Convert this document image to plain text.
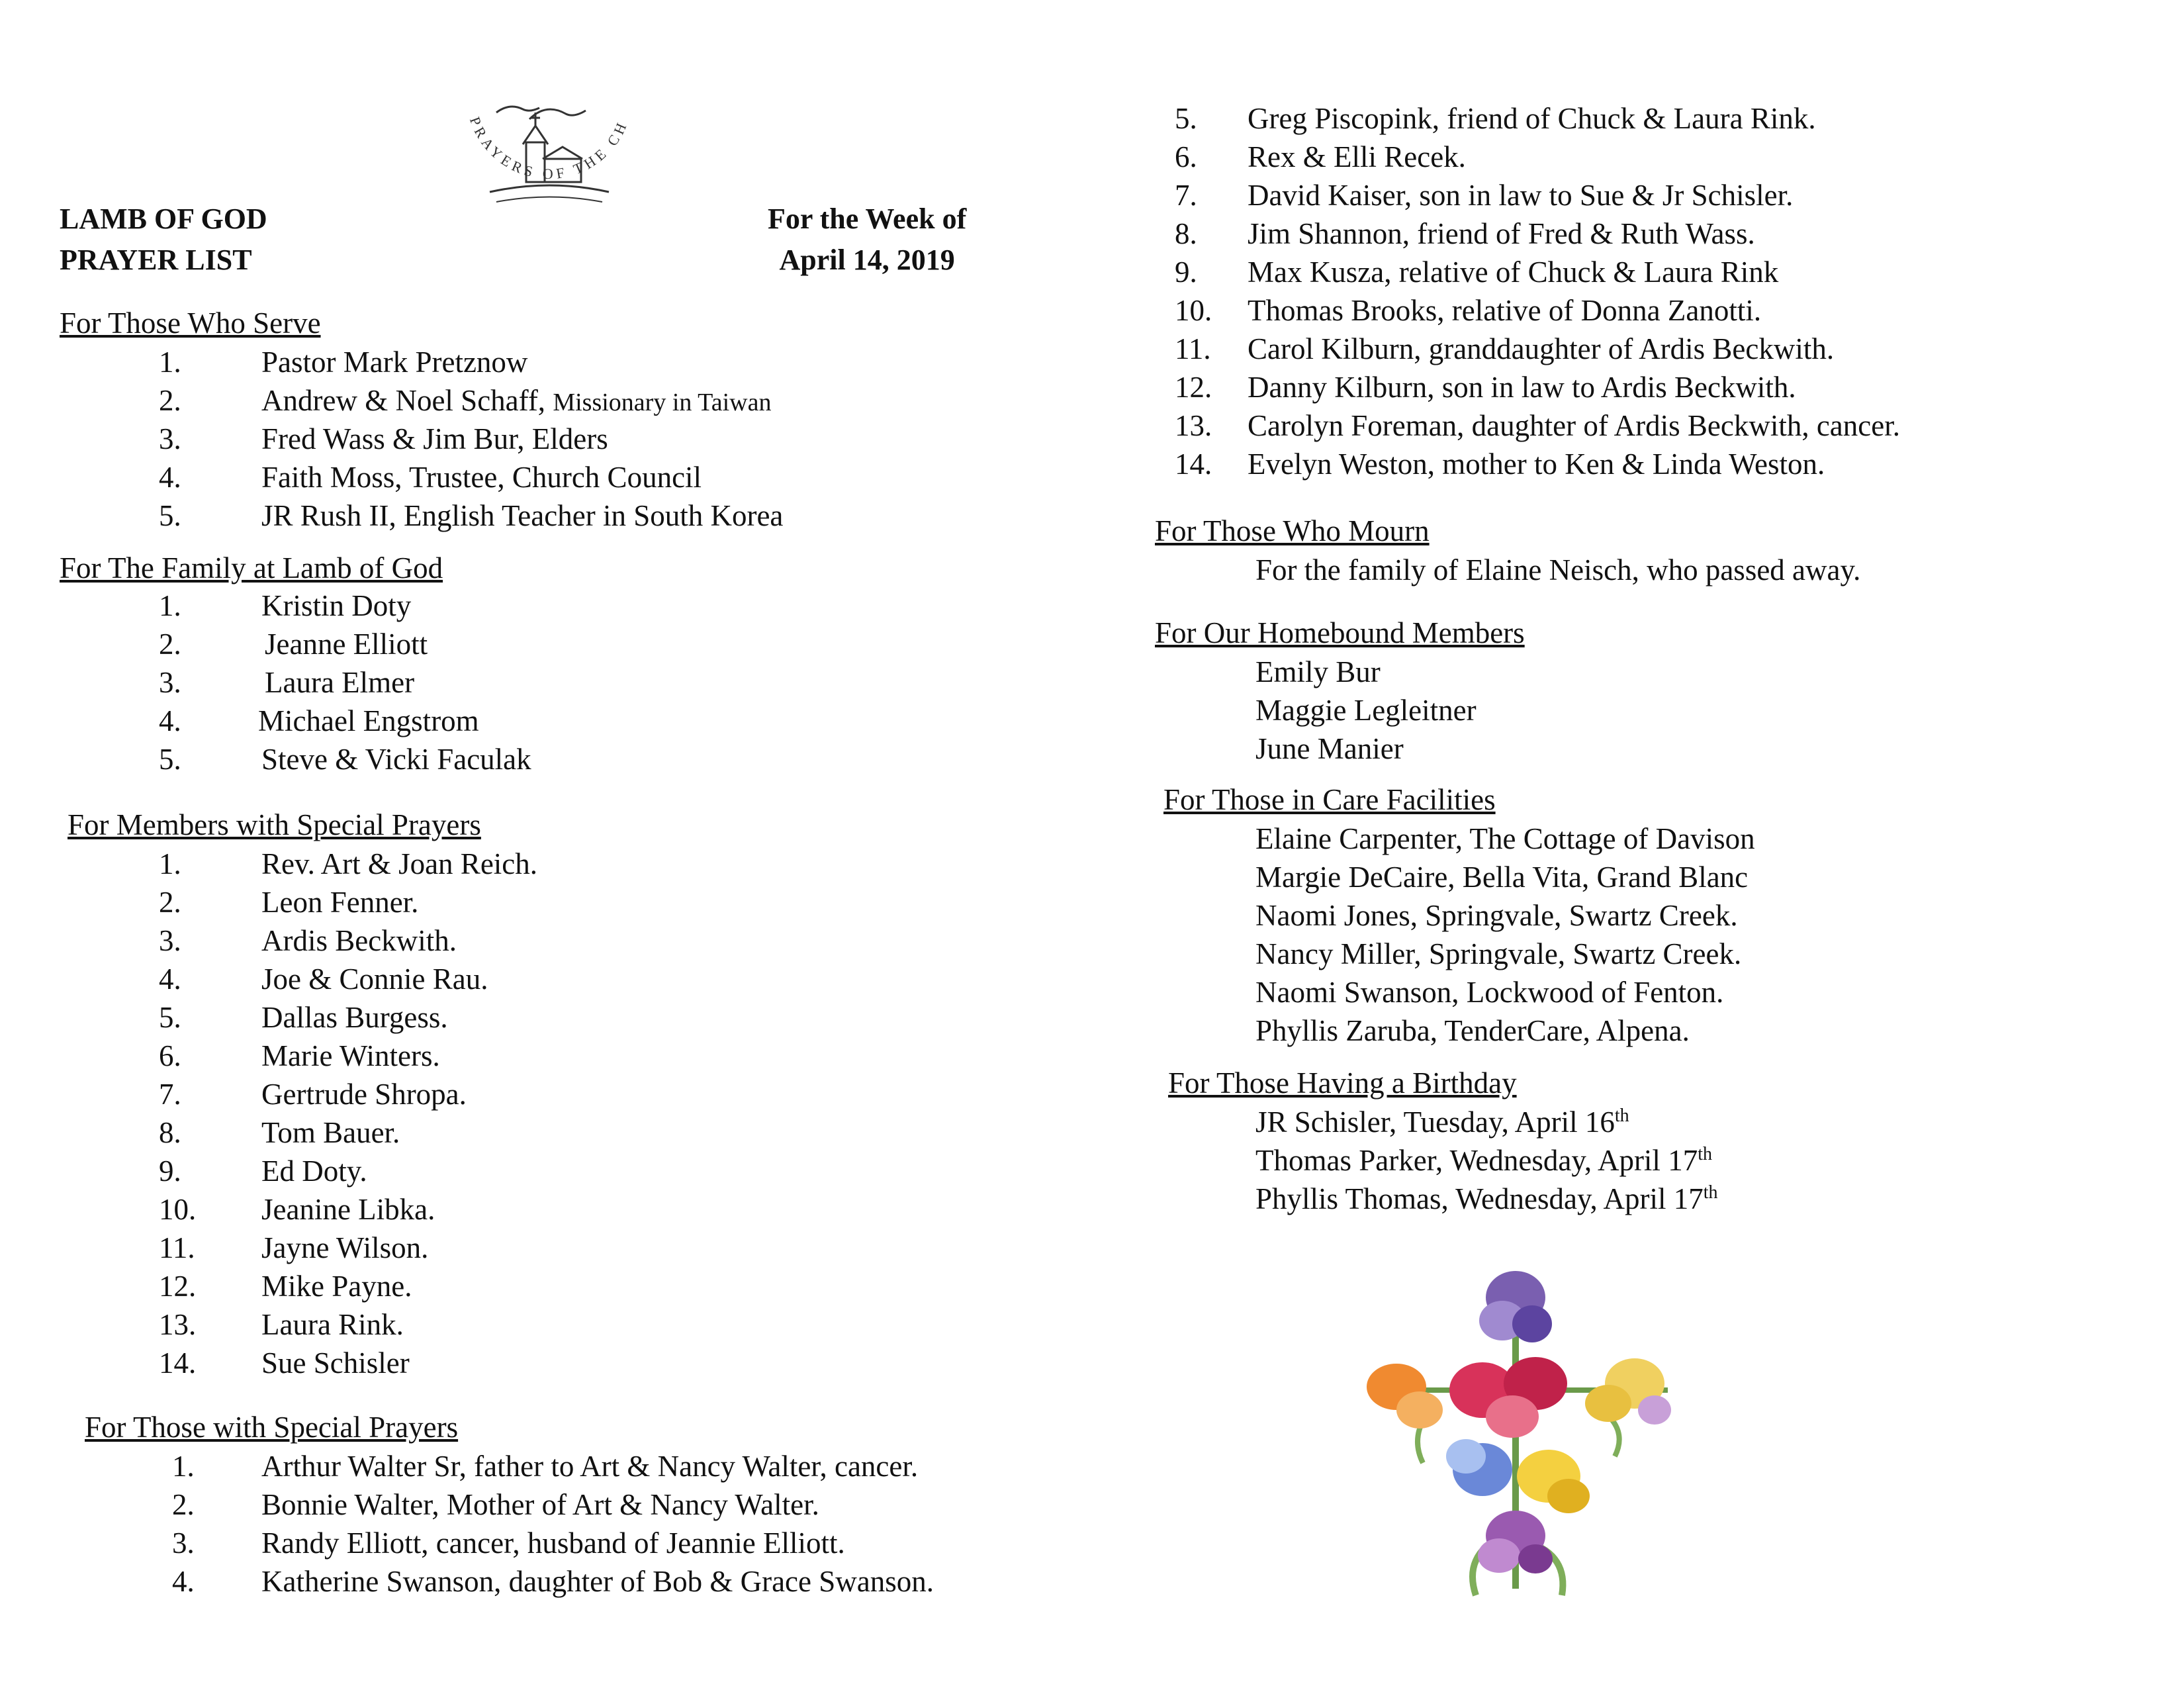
LAMB OF GOD
PRAYER LIST
PRAYERS OF THE CH
For the Week of
April 14, 2019
For Those Who Serve
1.	Pastor Mark Pretznow
2.	Andrew & Noel Schaff, Missionary in Taiwan
3.	Fred Wass & Jim Bur, Elders
4.	Faith Moss, Trustee, Church Council
5.	JR Rush II, English Teacher in South Korea
For The Family at Lamb of God
1.	Kristin Doty
2.	Jeanne Elliott
3.	Laura Elmer
4.	Michael Engstrom
5.	Steve & Vicki Faculak
For Members with Special Prayers
1.	Rev. Art & Joan Reich.
2.	Leon Fenner.
3.	Ardis Beckwith.
4.	Joe & Connie Rau.
5.	Dallas Burgess.
6.	Marie Winters.
7.	Gertrude Shropa.
8.	Tom Bauer.
9.	Ed Doty.
10. Jeanine Libka.
11. Jayne Wilson.
12. Mike Payne.
13. Laura Rink.
14. Sue Schisler
For Those with Special Prayers
1. Arthur Walter Sr, father to Art & Nancy Walter, cancer.
2. Bonnie Walter, Mother of Art & Nancy Walter.
3. Randy Elliott, cancer, husband of Jeannie Elliott.
4. Katherine Swanson, daughter of Bob & Grace Swanson.
5. Greg Piscopink, friend of Chuck & Laura Rink.
6. Rex & Elli Recek.
7. David Kaiser, son in law to Sue & Jr Schisler.
8. Jim Shannon, friend of Fred & Ruth Wass.
9. Max Kusza, relative of Chuck & Laura Rink
10. Thomas Brooks, relative of Donna Zanotti.
11. Carol Kilburn, granddaughter of Ardis Beckwith.
12. Danny Kilburn, son in law to Ardis Beckwith.
13. Carolyn Foreman, daughter of Ardis Beckwith, cancer.
14. Evelyn Weston, mother to Ken & Linda Weston.
For Those Who Mourn
For the family of Elaine Neisch, who passed away.
For Our Homebound Members
Emily Bur
Maggie Legleitner
June Manier
For Those in Care Facilities
Elaine Carpenter, The Cottage of Davison
Margie DeCaire, Bella Vita, Grand Blanc
Naomi Jones, Springvale, Swartz Creek.
Nancy Miller, Springvale, Swartz Creek.
Naomi Swanson, Lockwood of Fenton.
Phyllis Zaruba, TenderCare, Alpena.
For Those Having a Birthday
JR Schisler, Tuesday, April 16th
Thomas Parker, Wednesday, April 17th
Phyllis Thomas, Wednesday, April 17th
